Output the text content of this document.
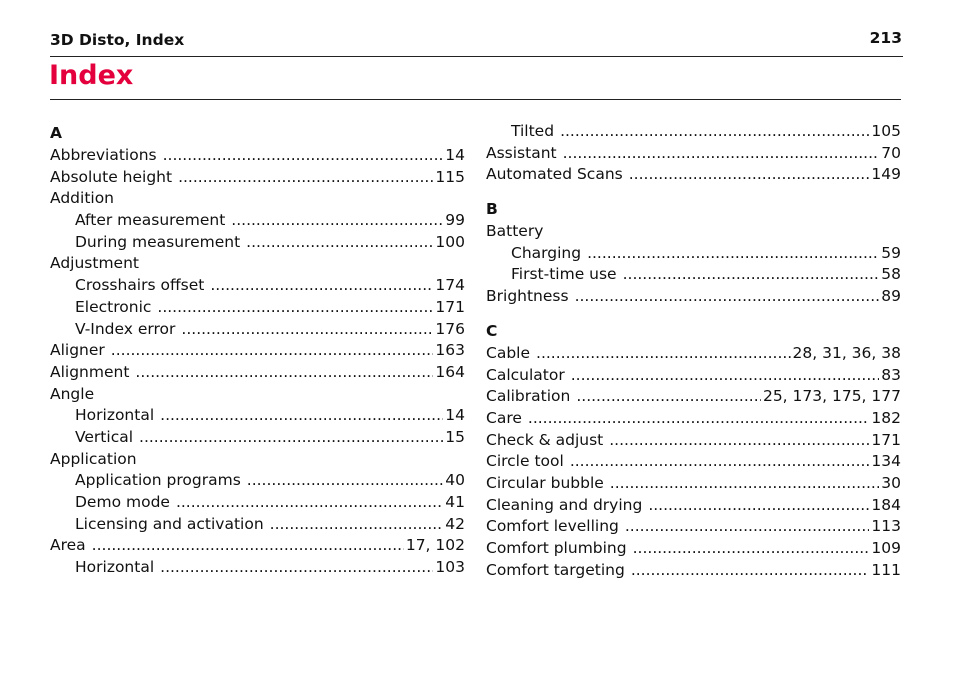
3D Disto, Index	213
Index
A
Abbreviations .....	14
Absolute height .....	115
Addition
After measurement .....	99
During measurement .....	100
Adjustment
Crosshairs offset .....	174
Electronic .....	171
V-Index error .....	176
Aligner .....	163
Alignment .....	164
Angle
Horizontal .....	14
Vertical .....	15
Application
Application programs .....	40
Demo mode .....	41
Licensing and activation .....	42
Area .....	17, 102
Horizontal .....	103
Tilted .....	105
Assistant .....	70
Automated Scans .....	149
B
Battery
Charging .....	59
First-time use .....	58
Brightness .....	89
C
Cable .....	28, 31, 36, 38
Calculator .....	83
Calibration .....	25, 173, 175, 177
Care .....	182
Check & adjust .....	171
Circle tool .....	134
Circular bubble .....	30
Cleaning and drying .....	184
Comfort levelling .....	113
Comfort plumbing .....	109
Comfort targeting .....	111
